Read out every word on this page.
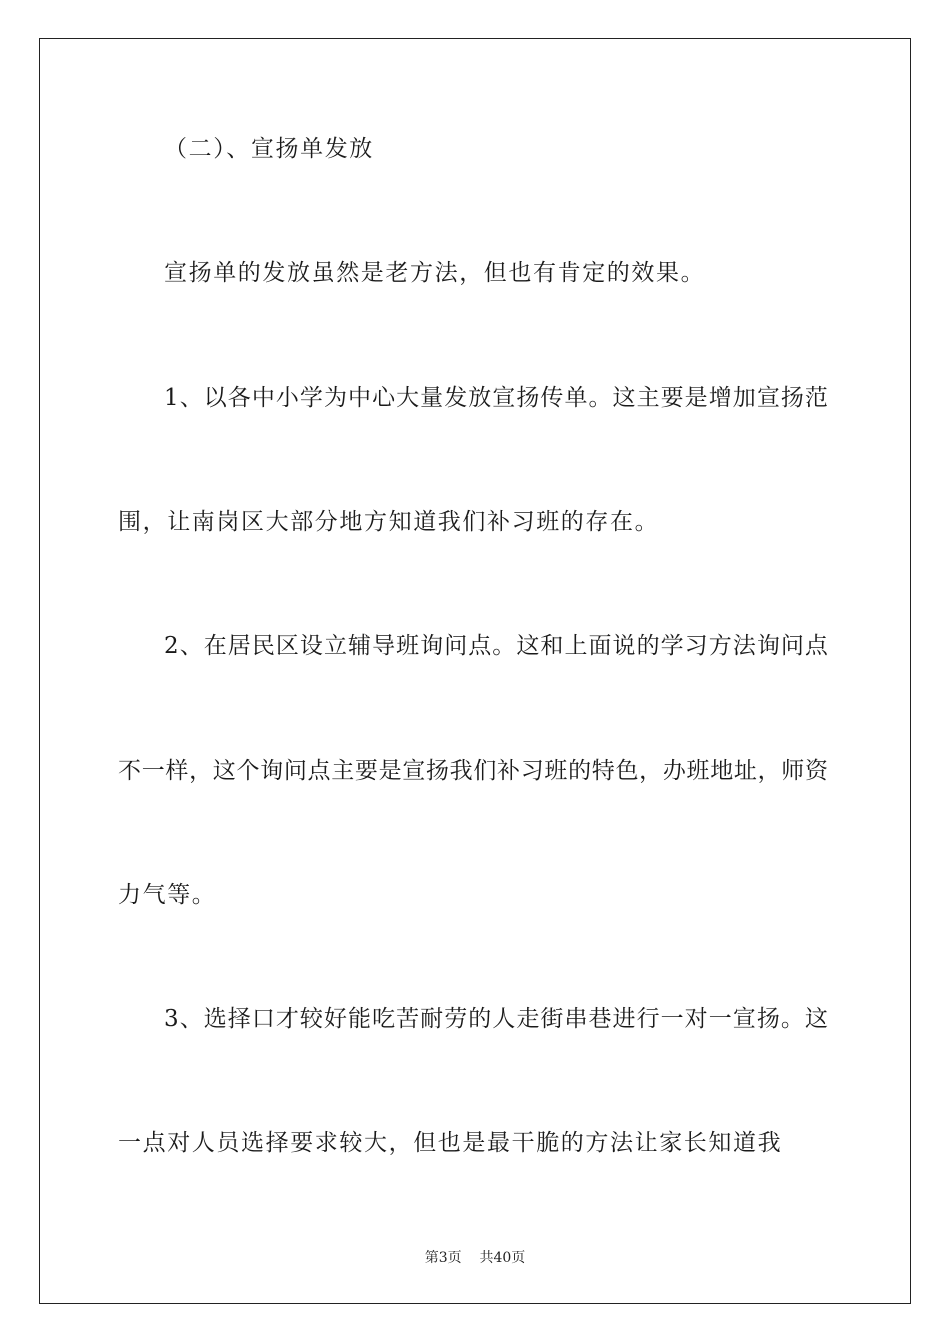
（二）、宣扬单发放
宣扬单的发放虽然是老方法，但也有肯定的效果。
1 、 以 各 中 小 学 为 中 心 大 量 发 放 宣 扬 传 单 。 这 主 要 是 增 加 宣 扬 范
围，让南岗区大部分地方知道我们补习班的存在。
2 、 在 居 民 区 设 立 辅 导 班 询 问 点 。 这 和 上 面 说 的 学 习 方 法 询 问 点
不 一 样 ， 这 个 询 问 点 主 要 是 宣 扬 我 们 补 习 班 的 特 色 ， 办 班 地 址 ， 师 资
力气等。
3 、 选 择 口 才 较 好 能 吃 苦 耐 劳 的 人 走 街 串 巷 进 行 一 对 一 宣 扬 。 这
一点对人员选择要求较大，但也是最干脆的方法让家长知道我
第3页 共40页
